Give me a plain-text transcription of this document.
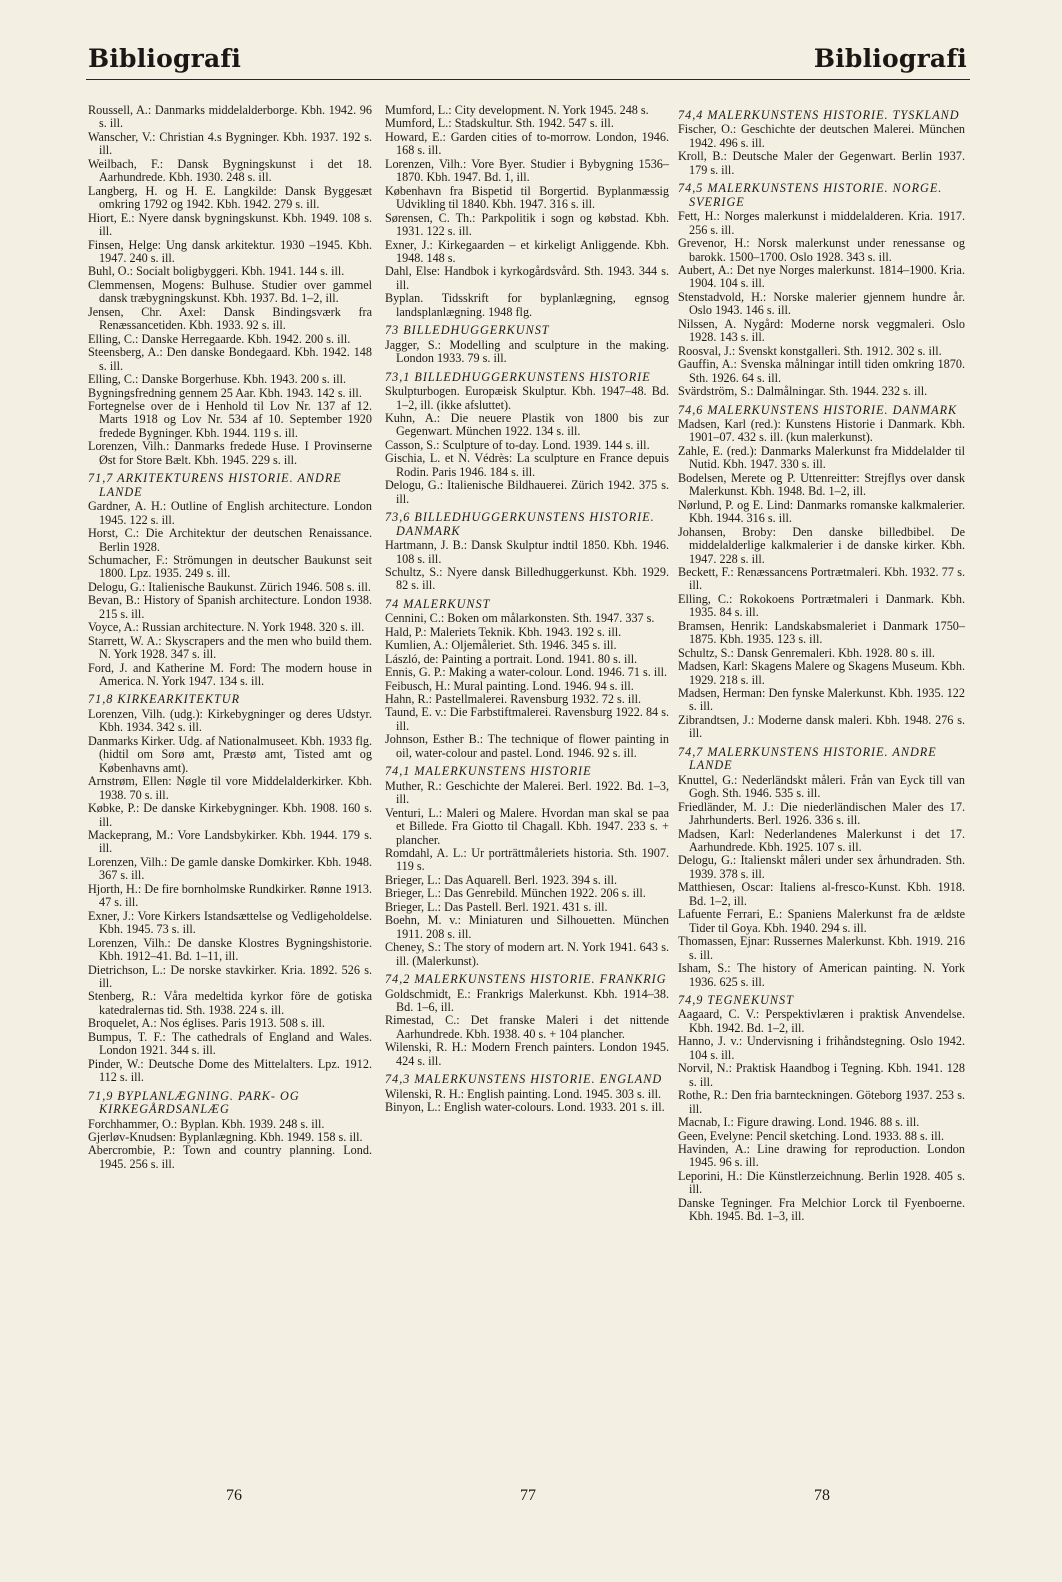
Bibliografi	Bibliografi

Roussell, A.: Danmarks middelalderborge. Kbh. 1942. 96 s. ill.

Wanscher, V.: Christian 4.s Bygninger. Kbh. 1937. 192 s. ill.

Weilbach, F.: Dansk Bygningskunst i det 18. Aarhundrede. Kbh. 1930. 248 s. ill.

Langberg, H. og H. E. Langkilde: Dansk Byggesæt omkring 1792 og 1942. Kbh. 1942. 279 s. ill.

Hiort, E.: Nyere dansk bygningskunst. Kbh. 1949. 108 s. ill.

Finsen, Helge: Ung dansk arkitektur. 1930 –1945. Kbh. 1947. 240 s. ill.

Buhl, O.: Socialt boligbyggeri. Kbh. 1941. 144 s. ill.

Clemmensen, Mogens: Bulhuse. Studier over gammel dansk træbygningskunst. Kbh. 1937. Bd. 1–2, ill.

Jensen, Chr. Axel: Dansk Bindingsværk fra Renæssancetiden. Kbh. 1933. 92 s. ill.

Elling, C.: Danske Herregaarde. Kbh. 1942. 200 s. ill.

Steensberg, A.: Den danske Bondegaard. Kbh. 1942. 148 s. ill.

Elling, C.: Danske Borgerhuse. Kbh. 1943. 200 s. ill.

Bygningsfredning gennem 25 Aar. Kbh. 1943. 142 s. ill.

Fortegnelse over de i Henhold til Lov Nr. 137 af 12. Marts 1918 og Lov Nr. 534 af 10. September 1920 fredede Bygninger. Kbh. 1944. 119 s. ill.

Lorenzen, Vilh.: Danmarks fredede Huse. I Provinserne Øst for Store Bælt. Kbh. 1945. 229 s. ill.

71,7 ARKITEKTURENS HISTORIE. ANDRE LANDE

Gardner, A. H.: Outline of English architecture. London 1945. 122 s. ill.

Horst, C.: Die Architektur der deutschen Renaissance. Berlin 1928.

Schumacher, F.: Strömungen in deutscher Baukunst seit 1800. Lpz. 1935. 249 s. ill.

Delogu, G.: Italienische Baukunst. Zürich 1946. 508 s. ill.

Bevan, B.: History of Spanish architecture. London 1938. 215 s. ill.

Voyce, A.: Russian architecture. N. York 1948. 320 s. ill.

Starrett, W. A.: Skyscrapers and the men who build them. N. York 1928. 347 s. ill.

Ford, J. and Katherine M. Ford: The modern house in America. N. York 1947. 134 s. ill.

71,8 KIRKEARKITEKTUR

Lorenzen, Vilh. (udg.): Kirkebygninger og deres Udstyr. Kbh. 1934. 342 s. ill.

Danmarks Kirker. Udg. af Nationalmuseet. Kbh. 1933 flg. (hidtil om Sorø amt, Præstø amt, Tisted amt og Københavns amt).

Arnstrøm, Ellen: Nøgle til vore Middelalderkirker. Kbh. 1938. 70 s. ill.

Købke, P.: De danske Kirkebygninger. Kbh. 1908. 160 s. ill.

Mackeprang, M.: Vore Landsbykirker. Kbh. 1944. 179 s. ill.

Lorenzen, Vilh.: De gamle danske Domkirker. Kbh. 1948. 367 s. ill.

Hjorth, H.: De fire bornholmske Rundkirker. Rønne 1913. 47 s. ill.

Exner, J.: Vore Kirkers Istandsættelse og Vedligeholdelse. Kbh. 1945. 73 s. ill.

Lorenzen, Vilh.: De danske Klostres Bygningshistorie. Kbh. 1912–41. Bd. 1–11, ill.

Dietrichson, L.: De norske stavkirker. Kria. 1892. 526 s. ill.

Stenberg, R.: Våra medeltida kyrkor före de gotiska katedralernas tid. Sth. 1938. 224 s. ill.

Broquelet, A.: Nos églises. Paris 1913. 508 s. ill.

Bumpus, T. F.: The cathedrals of England and Wales. London 1921. 344 s. ill.

Pinder, W.: Deutsche Dome des Mittelalters. Lpz. 1912. 112 s. ill.

71,9 BYPLANLÆGNING. PARK- OG KIRKEGÅRDSANLÆG

Forchhammer, O.: Byplan. Kbh. 1939. 248 s. ill.

Gjerløv-Knudsen: Byplanlægning. Kbh. 1949. 158 s. ill.

Abercrombie, P.: Town and country planning. Lond. 1945. 256 s. ill.

Mumford, L.: City development. N. York 1945. 248 s.

Mumford, L.: Stadskultur. Sth. 1942. 547 s. ill.

Howard, E.: Garden cities of to-morrow. London, 1946. 168 s. ill.

Lorenzen, Vilh.: Vore Byer. Studier i Bybygning 1536–1870. Kbh. 1947. Bd. 1, ill.

København fra Bispetid til Borgertid. Byplanmæssig Udvikling til 1840. Kbh. 1947. 316 s. ill.

Sørensen, C. Th.: Parkpolitik i sogn og købstad. Kbh. 1931. 122 s. ill.

Exner, J.: Kirkegaarden – et kirkeligt Anliggende. Kbh. 1948. 148 s.

Dahl, Else: Handbok i kyrkogårdsvård. Sth. 1943. 344 s. ill.

Byplan. Tidsskrift for byplanlægning, egnsog landsplanlægning. 1948 flg.

73 BILLEDHUGGERKUNST

Jagger, S.: Modelling and sculpture in the making. London 1933. 79 s. ill.

73,1 BILLEDHUGGERKUNSTENS HISTORIE

Skulpturbogen. Europæisk Skulptur. Kbh. 1947–48. Bd. 1–2, ill. (ikke afsluttet).

Kuhn, A.: Die neuere Plastik von 1800 bis zur Gegenwart. München 1922. 134 s. ill.

Casson, S.: Sculpture of to-day. Lond. 1939. 144 s. ill.

Gischia, L. et N. Védrès: La sculpture en France depuis Rodin. Paris 1946. 184 s. ill.

Delogu, G.: Italienische Bildhauerei. Zürich 1942. 375 s. ill.

73,6 BILLEDHUGGERKUNSTENS HISTORIE. DANMARK

Hartmann, J. B.: Dansk Skulptur indtil 1850. Kbh. 1946. 108 s. ill.

Schultz, S.: Nyere dansk Billedhuggerkunst. Kbh. 1929. 82 s. ill.

74 MALERKUNST

Cennini, C.: Boken om målarkonsten. Sth. 1947. 337 s.

Hald, P.: Maleriets Teknik. Kbh. 1943. 192 s. ill.

Kumlien, A.: Oljemåleriet. Sth. 1946. 345 s. ill.

László, de: Painting a portrait. Lond. 1941. 80 s. ill.

Ennis, G. P.: Making a water-colour. Lond. 1946. 71 s. ill.

Feibusch, H.: Mural painting. Lond. 1946. 94 s. ill.

Hahn, R.: Pastellmalerei. Ravensburg 1932. 72 s. ill.

Taund, E. v.: Die Farbstiftmalerei. Ravensburg 1922. 84 s. ill.

Johnson, Esther B.: The technique of flower painting in oil, water-colour and pastel. Lond. 1946. 92 s. ill.

74,1 MALERKUNSTENS HISTORIE

Muther, R.: Geschichte der Malerei. Berl. 1922. Bd. 1–3, ill.

Venturi, L.: Maleri og Malere. Hvordan man skal se paa et Billede. Fra Giotto til Chagall. Kbh. 1947. 233 s. + plancher.

Romdahl, A. L.: Ur porträttmåleriets historia. Sth. 1907. 119 s.

Brieger, L.: Das Aquarell. Berl. 1923. 394 s. ill.

Brieger, L.: Das Genrebild. München 1922. 206 s. ill.

Brieger, L.: Das Pastell. Berl. 1921. 431 s. ill.

Boehn, M. v.: Miniaturen und Silhouetten. München 1911. 208 s. ill.

Cheney, S.: The story of modern art. N. York 1941. 643 s. ill. (Malerkunst).

74,2 MALERKUNSTENS HISTORIE. FRANKRIG

Goldschmidt, E.: Frankrigs Malerkunst. Kbh. 1914–38. Bd. 1–6, ill.

Rimestad, C.: Det franske Maleri i det nittende Aarhundrede. Kbh. 1938. 40 s. + 104 plancher.

Wilenski, R. H.: Modern French painters. London 1945. 424 s. ill.

74,3 MALERKUNSTENS HISTORIE. ENGLAND

Wilenski, R. H.: English painting. Lond. 1945. 303 s. ill.

Binyon, L.: English water-colours. Lond. 1933. 201 s. ill.

74,4 MALERKUNSTENS HISTORIE. TYSKLAND

Fischer, O.: Geschichte der deutschen Malerei. München 1942. 496 s. ill.

Kroll, B.: Deutsche Maler der Gegenwart. Berlin 1937. 179 s. ill.

74,5 MALERKUNSTENS HISTORIE. NORGE. SVERIGE

Fett, H.: Norges malerkunst i middelalderen. Kria. 1917. 256 s. ill.

Grevenor, H.: Norsk malerkunst under renessanse og barokk. 1500–1700. Oslo 1928. 343 s. ill.

Aubert, A.: Det nye Norges malerkunst. 1814–1900. Kria. 1904. 104 s. ill.

Stenstadvold, H.: Norske malerier gjennem hundre år. Oslo 1943. 146 s. ill.

Nilssen, A. Nygård: Moderne norsk veggmaleri. Oslo 1928. 143 s. ill.

Roosval, J.: Svenskt konstgalleri. Sth. 1912. 302 s. ill.

Gauffin, A.: Svenska målningar intill tiden omkring 1870. Sth. 1926. 64 s. ill.

Svärdström, S.: Dalmålningar. Sth. 1944. 232 s. ill.

74,6 MALERKUNSTENS HISTORIE. DANMARK

Madsen, Karl (red.): Kunstens Historie i Danmark. Kbh. 1901–07. 432 s. ill. (kun malerkunst).

Zahle, E. (red.): Danmarks Malerkunst fra Middelalder til Nutid. Kbh. 1947. 330 s. ill.

Bodelsen, Merete og P. Uttenreitter: Strejflys over dansk Malerkunst. Kbh. 1948. Bd. 1–2, ill.

Nørlund, P. og E. Lind: Danmarks romanske kalkmalerier. Kbh. 1944. 316 s. ill.

Johansen, Broby: Den danske billedbibel. De middelalderlige kalkmalerier i de danske kirker. Kbh. 1947. 228 s. ill.

Beckett, F.: Renæssancens Portrætmaleri. Kbh. 1932. 77 s. ill.

Elling, C.: Rokokoens Portrætmaleri i Danmark. Kbh. 1935. 84 s. ill.

Bramsen, Henrik: Landskabsmaleriet i Danmark 1750–1875. Kbh. 1935. 123 s. ill.

Schultz, S.: Dansk Genremaleri. Kbh. 1928. 80 s. ill.

Madsen, Karl: Skagens Malere og Skagens Museum. Kbh. 1929. 218 s. ill.

Madsen, Herman: Den fynske Malerkunst. Kbh. 1935. 122 s. ill.

Zibrandtsen, J.: Moderne dansk maleri. Kbh. 1948. 276 s. ill.

74,7 MALERKUNSTENS HISTORIE. ANDRE LANDE

Knuttel, G.: Nederländskt måleri. Från van Eyck till van Gogh. Sth. 1946. 535 s. ill.

Friedländer, M. J.: Die niederländischen Maler des 17. Jahrhunderts. Berl. 1926. 336 s. ill.

Madsen, Karl: Nederlandenes Malerkunst i det 17. Aarhundrede. Kbh. 1925. 107 s. ill.

Delogu, G.: Italienskt måleri under sex århundraden. Sth. 1939. 378 s. ill.

Matthiesen, Oscar: Italiens al-fresco-Kunst. Kbh. 1918. Bd. 1–2, ill.

Lafuente Ferrari, E.: Spaniens Malerkunst fra de ældste Tider til Goya. Kbh. 1940. 294 s. ill.

Thomassen, Ejnar: Russernes Malerkunst. Kbh. 1919. 216 s. ill.

Isham, S.: The history of American painting. N. York 1936. 625 s. ill.

74,9 TEGNEKUNST

Aagaard, C. V.: Perspektivlæren i praktisk Anvendelse. Kbh. 1942. Bd. 1–2, ill.

Hanno, J. v.: Undervisning i frihåndstegning. Oslo 1942. 104 s. ill.

Norvil, N.: Praktisk Haandbog i Tegning. Kbh. 1941. 128 s. ill.

Rothe, R.: Den fria barnteckningen. Göteborg 1937. 253 s. ill.

Macnab, I.: Figure drawing. Lond. 1946. 88 s. ill.

Geen, Evelyne: Pencil sketching. Lond. 1933. 88 s. ill.

Havinden, A.: Line drawing for reproduction. London 1945. 96 s. ill.

Leporini, H.: Die Künstlerzeichnung. Berlin 1928. 405 s. ill.

Danske Tegninger. Fra Melchior Lorck til Fyenboerne. Kbh. 1945. Bd. 1–3, ill.

76	77	78
